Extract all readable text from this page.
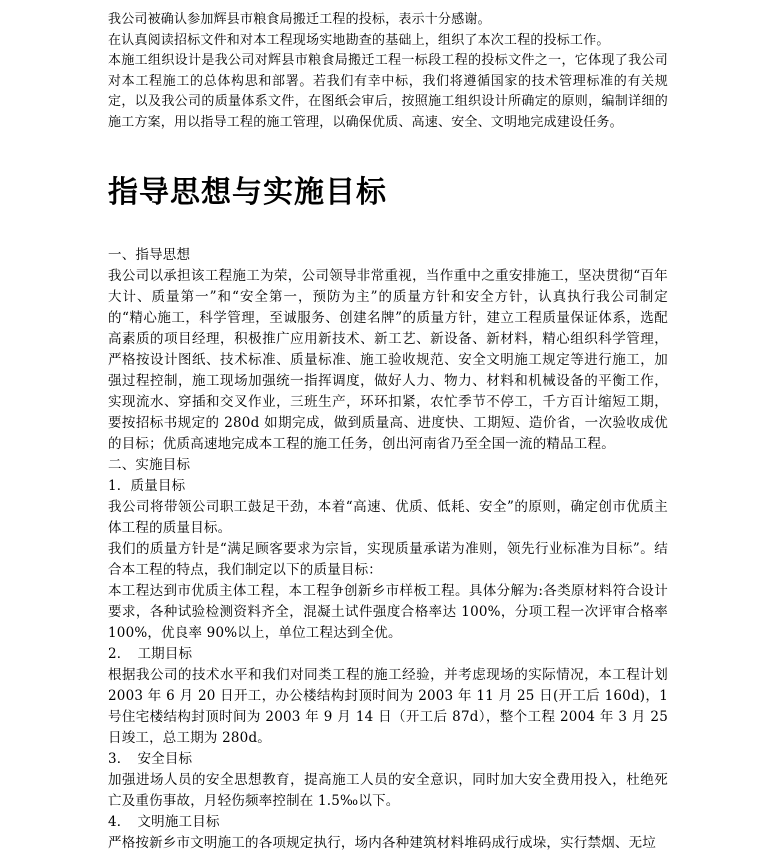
我公司被确认参加辉县市粮食局搬迁工程的投标，表示十分感谢。

在认真阅读招标文件和对本工程现场实地勘查的基础上，组织了本次工程的投标工作。

本施工组织设计是我公司对辉县市粮食局搬迁工程一标段工程的投标文件之一，它体现了我公司对本工程施工的总体构思和部署。若我们有幸中标，我们将遵循国家的技术管理标准的有关规定，以及我公司的质量体系文件，在图纸会审后，按照施工组织设计所确定的原则，编制详细的施工方案，用以指导工程的施工管理，以确保优质、高速、安全、文明地完成建设任务。

指导思想与实施目标

一、指导思想

我公司以承担该工程施工为荣，公司领导非常重视，当作重中之重安排施工，坚决贯彻“百年大计、质量第一”和“安全第一，预防为主”的质量方针和安全方针，认真执行我公司制定的“精心施工，科学管理，至诚服务、创建名牌”的质量方针，建立工程质量保证体系，选配高素质的项目经理，积极推广应用新技术、新工艺、新设备、新材料，精心组织科学管理，严格按设计图纸、技术标准、质量标准、施工验收规范、安全文明施工规定等进行施工，加强过程控制，施工现场加强统一指挥调度，做好人力、物力、材料和机械设备的平衡工作，实现流水、穿插和交叉作业，三班生产，环环扣紧，农忙季节不停工，千方百计缩短工期，要按招标书规定的 280d 如期完成，做到质量高、进度快、工期短、造价省，一次验收成优的目标；优质高速地完成本工程的施工任务，创出河南省乃至全国一流的精品工程。

二、实施目标

1．质量目标

我公司将带领公司职工鼓足干劲，本着“高速、优质、低耗、安全”的原则，确定创市优质主体工程的质量目标。

我们的质量方针是“满足顾客要求为宗旨，实现质量承诺为准则，领先行业标准为目标”。结合本工程的特点，我们制定以下的质量目标：

本工程达到市优质主体工程，本工程争创新乡市样板工程。具体分解为:各类原材料符合设计要求，各种试验检测资料齐全，混凝土试件强度合格率达 100%，分项工程一次评审合格率 100%，优良率 90%以上，单位工程达到全优。

2．　工期目标

根据我公司的技术水平和我们对同类工程的施工经验，并考虑现场的实际情况，本工程计划 2003 年 6 月 20 日开工，办公楼结构封顶时间为 2003 年 11 月 25 日(开工后 160d)，1 号住宅楼结构封顶时间为 2003 年 9 月 14 日（开工后 87d），整个工程 2004 年 3 月 25 日竣工，总工期为 280d。

3．　安全目标

加强进场人员的安全思想教育，提高施工人员的安全意识，同时加大安全费用投入，杜绝死亡及重伤事故，月轻伤频率控制在 1.5‰以下。

4．　文明施工目标

严格按新乡市文明施工的各项规定执行，场内各种建筑材料堆码成行成垛，实行禁烟、无垃
